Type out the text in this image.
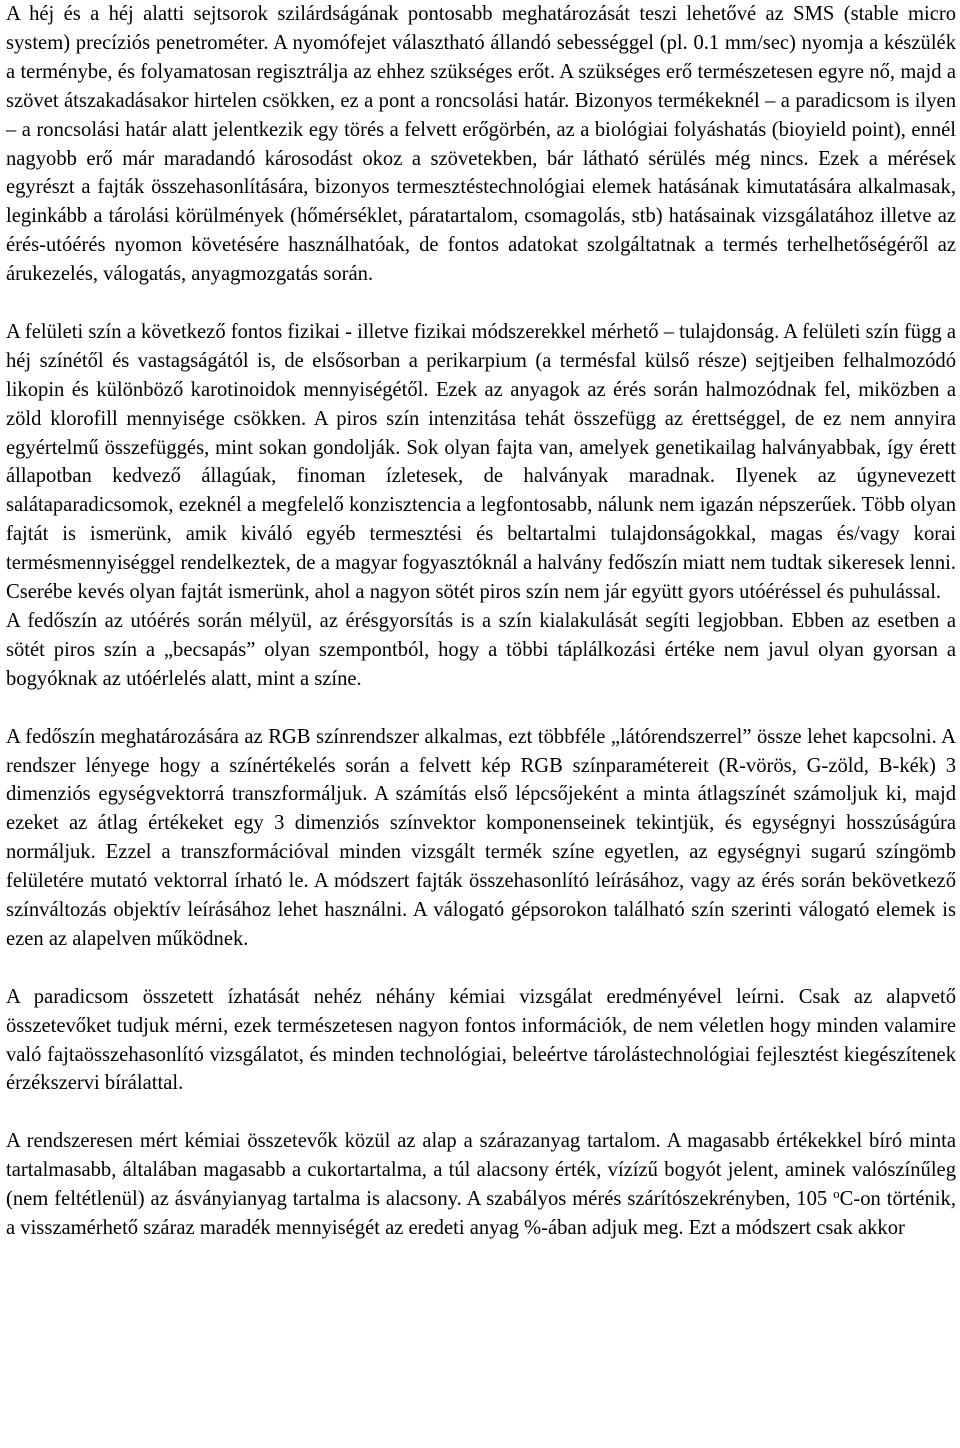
A héj és a héj alatti sejtsorok szilárdságának pontosabb meghatározását teszi lehetővé az SMS (stable micro system) precíziós penetrométer. A nyomófejet választható állandó sebességgel (pl. 0.1 mm/sec) nyomja a készülék a terménybe, és folyamatosan regisztrálja az ehhez szükséges erőt. A szükséges erő természetesen egyre nő, majd a szövet átszakadásakor hirtelen csökken, ez a pont a roncsolási határ. Bizonyos termékeknél – a paradicsom is ilyen – a roncsolási határ alatt jelentkezik egy törés a felvett erőgörbén, az a biológiai folyáshatás (bioyield point), ennél nagyobb erő már maradandó károsodást okoz a szövetekben, bár látható sérülés még nincs. Ezek a mérések egyrészt a fajták összehasonlítására, bizonyos termesztéstechnológiai elemek hatásának kimutatására alkalmasak, leginkább a tárolási körülmények (hőmérséklet, páratartalom, csomagolás, stb) hatásainak vizsgálatához illetve az érés-utóérés nyomon követésére használhatóak, de fontos adatokat szolgáltatnak a termés terhelhetőségéről az árukezelés, válogatás, anyagmozgatás során.

A felületi szín a következő fontos fizikai - illetve fizikai módszerekkel mérhető – tulajdonság. A felületi szín függ a héj színétől és vastagságától is, de elsősorban a perikarpium (a termésfal külső része) sejtjeiben felhalmozódó likopin és különböző karotinoidok mennyiségétől. Ezek az anyagok az érés során halmozódnak fel, miközben a zöld klorofill mennyisége csökken. A piros szín intenzitása tehát összefügg az érettséggel, de ez nem annyira egyértelmű összefüggés, mint sokan gondolják. Sok olyan fajta van, amelyek genetikailag halványabbak, így érett állapotban kedvező állagúak, finoman ízletesek, de halványak maradnak. Ilyenek az úgynevezett salátaparadicsomok, ezeknél a megfelelő konzisztencia a legfontosabb, nálunk nem igazán népszerűek. Több olyan fajtát is ismerünk, amik kiváló egyéb termesztési és beltartalmi tulajdonságokkal, magas és/vagy korai termésmennyiséggel rendelkeztek, de a magyar fogyasztóknál a halvány fedőszín miatt nem tudtak sikeresek lenni. Cserébe kevés olyan fajtát ismerünk, ahol a nagyon sötét piros szín nem jár együtt gyors utóéréssel és puhulással.

A fedőszín az utóérés során mélyül, az érésgyorsítás is a szín kialakulását segíti legjobban. Ebben az esetben a sötét piros szín a „becsapás” olyan szempontból, hogy a többi táplálkozási értéke nem javul olyan gyorsan a bogyóknak az utóérlelés alatt, mint a színe.

A fedőszín meghatározására az RGB színrendszer alkalmas, ezt többféle „látórendszerrel” össze lehet kapcsolni. A rendszer lényege hogy a színértékelés során a felvett kép RGB színparamétereit (R-vörös, G-zöld, B-kék) 3 dimenziós egységvektorrá transzformáljuk. A számítás első lépcsőjeként a minta átlagszínét számoljuk ki, majd ezeket az átlag értékeket egy 3 dimenziós színvektor komponenseinek tekintjük, és egységnyi hosszúságúra normáljuk. Ezzel a transzformációval minden vizsgált termék színe egyetlen, az egységnyi sugarú színgömb felületére mutató vektorral írható le. A módszert fajták összehasonlító leírásához, vagy az érés során bekövetkező színváltozás objektív leírásához lehet használni. A válogató gépsorokon található szín szerinti válogató elemek is ezen az alapelven működnek.

A paradicsom összetett ízhatását nehéz néhány kémiai vizsgálat eredményével leírni. Csak az alapvető összetevőket tudjuk mérni, ezek természetesen nagyon fontos információk, de nem véletlen hogy minden valamire való fajtaösszehasonlító vizsgálatot, és minden technológiai, beleértve tárolástechnológiai fejlesztést kiegészítenek érzékszervi bírálattal.

A rendszeresen mért kémiai összetevők közül az alap a szárazanyag tartalom. A magasabb értékekkel bíró minta tartalmasabb, általában magasabb a cukortartalma, a túl alacsony érték, vízízű bogyót jelent, aminek valószínűleg (nem feltétlenül) az ásványianyag tartalma is alacsony. A szabályos mérés szárítószekrényben, 105 $^o$C-on történik, a visszamérhető száraz maradék mennyiségét az eredeti anyag %-ában adjuk meg. Ezt a módszert csak akkor
